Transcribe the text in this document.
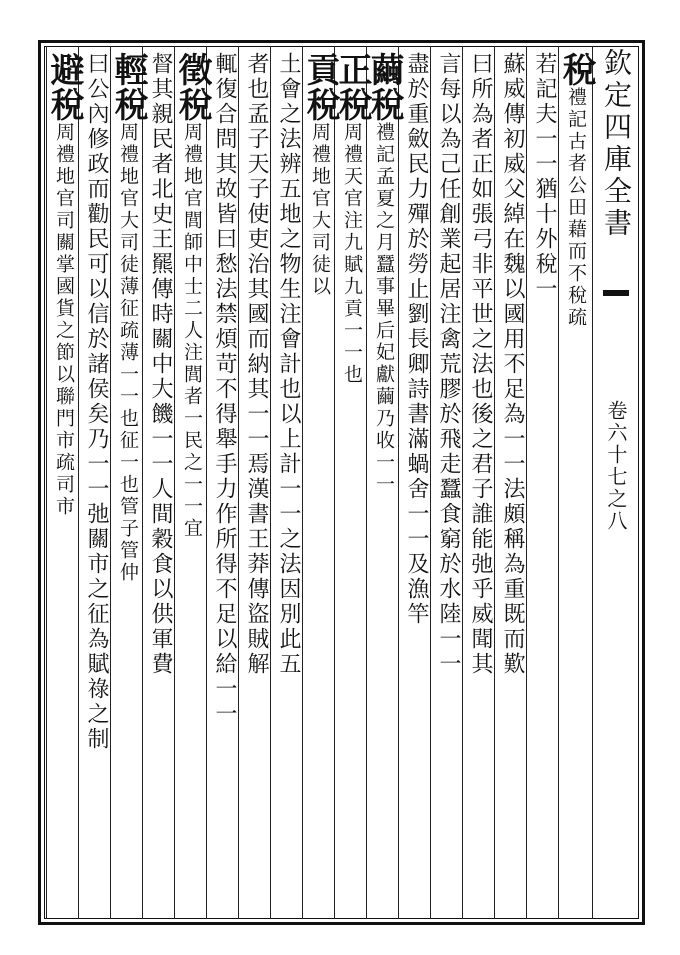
欽定四庫全書
卷六十七之八
稅禮記古者公田藉而不稅疏
若記夫一一猶十外稅一
蘇威傳初威父綽在魏以國用不足為一一法頗稱為重既而歎
曰所為者正如張弓非平世之法也後之君子誰能弛乎威聞其
言每以為己任創業起居注禽荒膠於飛走蠶食窮於水陸一一
盡於重斂民力殫於勞止劉長卿詩書滿蝸舍一一及漁竿
繭稅禮記孟夏之月蠶事畢后妃獻繭乃收一一
正稅周禮天官注九賦九貢一一也
貢稅周禮地官大司徒以
土會之法辨五地之物生注會計也以上計一一之法因別此五
者也孟子天子使吏治其國而納其一一焉漢書王莽傳盜賊解
輒復合問其故皆曰愁法禁煩苛不得舉手力作所得不足以給一一
徵稅周禮地官閭師中士二人注閭者一民之一一宜
督其親民者北史王羆傳時關中大饑一一人間穀食以供軍費
輕稅周禮地官大司徒薄征疏薄一一也征一也管子管仲
曰公內修政而勸民可以信於諸侯矣乃一一弛關市之征為賦祿之制
避稅周禮地官司關掌國貨之節以聯門市疏司市
